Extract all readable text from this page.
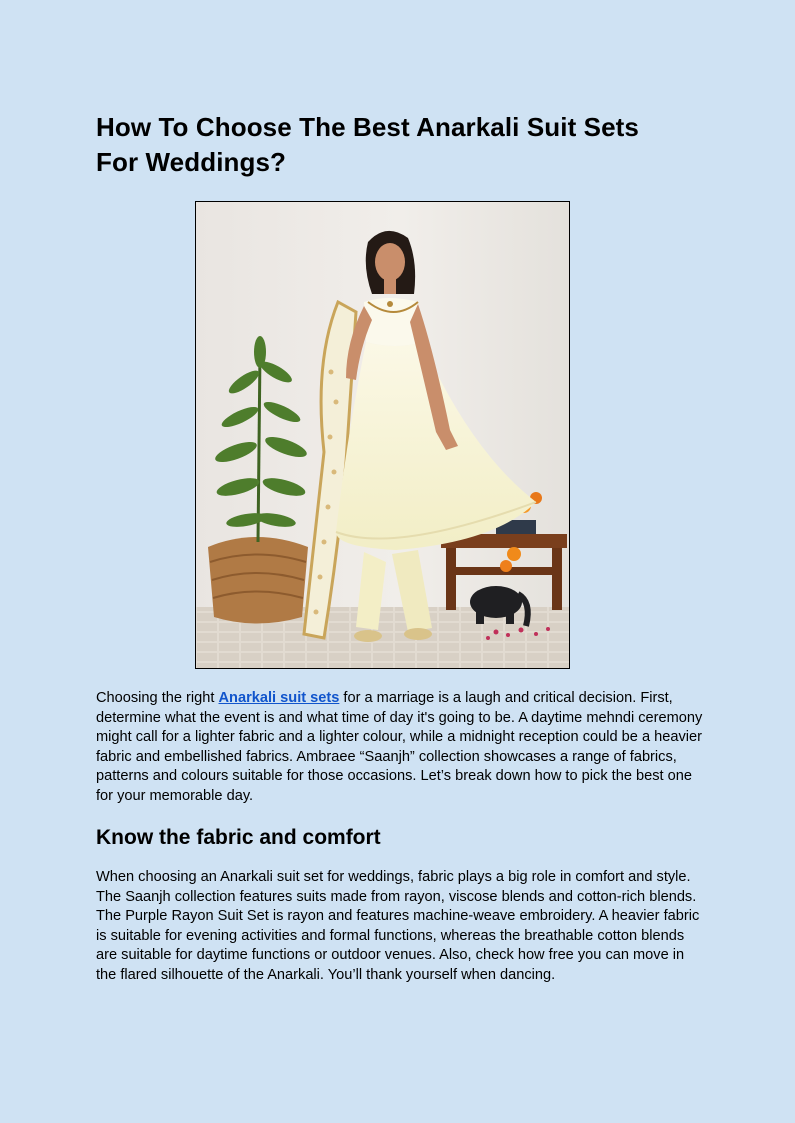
How To Choose The Best Anarkali Suit Sets
For Weddings?

Choosing the right Anarkali suit sets for a marriage is a laugh and critical decision. First, determine what the event is and what time of day it's going to be. A daytime mehndi ceremony might call for a lighter fabric and a lighter colour, while a midnight reception could be a heavier fabric and embellished fabrics. Ambraee “Saanjh” collection showcases a range of fabrics, patterns and colours suitable for those occasions. Let’s break down how to pick the best one for your memorable day.

Know the fabric and comfort

When choosing an Anarkali suit set for weddings, fabric plays a big role in comfort and style. The Saanjh collection features suits made from rayon, viscose blends and cotton-rich blends. The Purple Rayon Suit Set is rayon and features machine-weave embroidery. A heavier fabric is suitable for evening activities and formal functions, whereas the breathable cotton blends are suitable for daytime functions or outdoor venues. Also, check how free you can move in the flared silhouette of the Anarkali. You’ll thank yourself when dancing.
